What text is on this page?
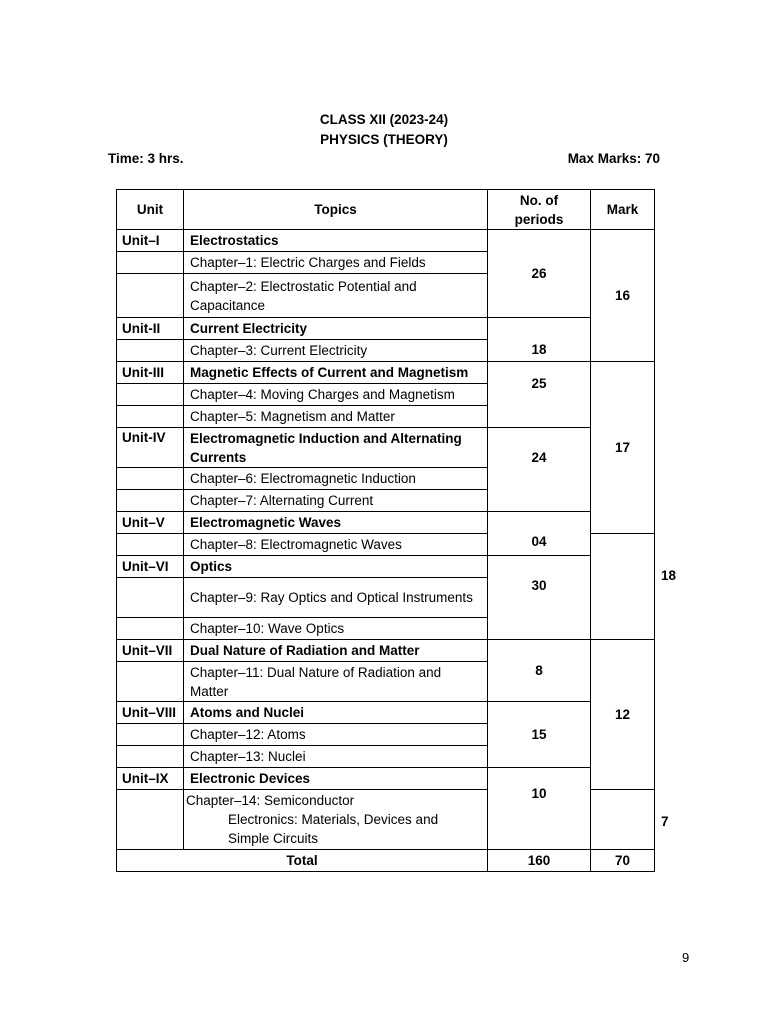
CLASS XII (2023-24)
PHYSICS (THEORY)
Time: 3 hrs.	Max Marks: 70
Unit	Topics	No. of periods	Mark	
Unit–I	Electrostatics	26	16	
	Chapter–1: Electric Charges and Fields			
	Chapter–2: Electrostatic Potential and Capacitance			
Unit-II	Current Electricity	18		
	Chapter–3: Current Electricity			
Unit-III	Magnetic Effects of Current and Magnetism	25	17	
	Chapter–4: Moving Charges and Magnetism			
	Chapter–5: Magnetism and Matter			
Unit-IV	Electromagnetic Induction and Alternating Currents	24		
	Chapter–6: Electromagnetic Induction			
	Chapter–7: Alternating Current			
Unit–V	Electromagnetic Waves	04		18
	Chapter–8: Electromagnetic Waves			
Unit–VI	Optics	30		
	Chapter–9: Ray Optics and Optical Instruments			
	Chapter–10: Wave Optics			
Unit–VII	Dual Nature of Radiation and Matter	8	12	
	Chapter–11: Dual Nature of Radiation and Matter			
Unit–VIII	Atoms and Nuclei	15		
	Chapter–12: Atoms			
	Chapter–13: Nuclei			
Unit–IX	Electronic Devices	10		7
	Chapter–14: Semiconductor
Electronics: Materials, Devices and Simple Circuits			

Total		160	70	
9
